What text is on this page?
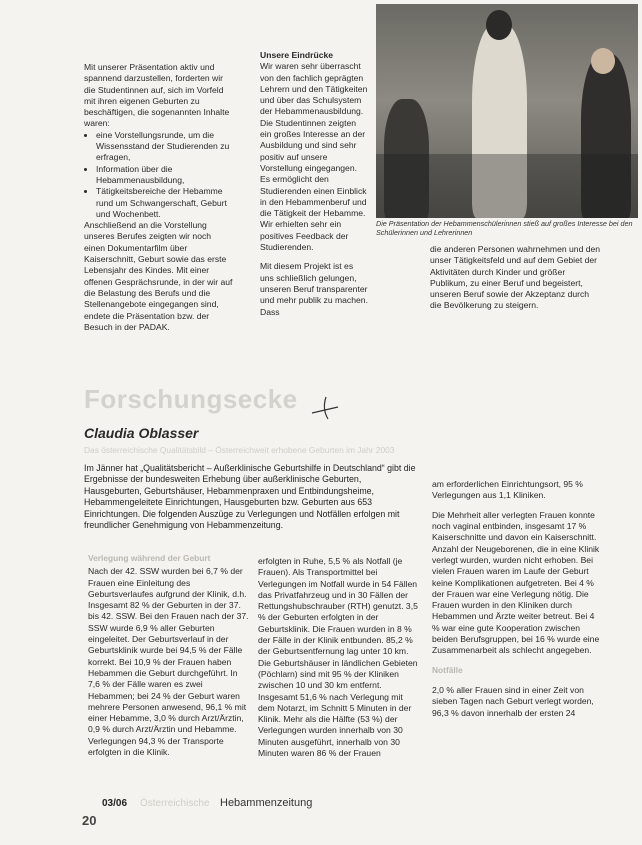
Mit unserer Präsentation aktiv und spannend darzustellen, forderten wir die Studentinnen auf, sich im Vorfeld mit ihren eigenen Geburten zu beschäftigen, die sogenannten Inhalte waren:

• eine Vorstellungsrunde, um die Wissensstand der Studierenden zu erfragen,
• Information über die Hebammenausbildung,
• Tätigkeitsbereiche der Hebamme rund um Schwangerschaft, Geburt und Wochenbett.

Anschließend an die Vorstellung unseres Berufes zeigten wir noch einen Dokumentarfilm über Kaiserschnitt, Geburt sowie das erste Lebensjahr des Kindes. Mit einer offenen Gesprächsrunde, in der wir auf die Belastung des Berufs und die Stellenangebote eingegangen sind, endete die Präsentation bzw. der Besuch in der PADAK.

Unsere Eindrücke

Wir waren sehr überrascht von den fachlich geprägten Lehrern und den Tätigkeiten und über das Schulsystem der Hebammenausbildung. Die Studentinnen zeigten ein großes Interesse an der Ausbildung und sind sehr positiv auf unsere Vorstellung eingegangen. Es ermöglicht den Studierenden einen Einblick in den Hebammenberuf und die Tätigkeit der Hebamme. Wir erhielten sehr ein positives Feedback der Studierenden.

Mit diesem Projekt ist es uns schließlich gelungen, unseren Beruf transparenter und mehr publik zu machen. Dass

Die Präsentation der Hebammenschülerinnen stieß auf großes Interesse bei den Schülerinnen und Lehrerinnen

die anderen Personen wahrnehmen und den unser Tätigkeitsfeld und auf dem Gebiet der Aktivitäten durch Kinder und größer Publikum, zu einer Beruf und begeistert, unseren Beruf sowie der Akzeptanz durch die Bevölkerung zu steigern.

Forschungsecke
Claudia Oblasser
Das österreichische Qualitätsbild – Österreichweit erhobene Geburten im Jahr 2003
Im Jänner hat „Qualitätsbericht – Außerklinische Geburtshilfe in Deutschland“ gibt die Ergebnisse der bundesweiten Erhebung über außerklinische Geburten, Hausgeburten, Geburtshäuser, Hebammenpraxen und Entbindungsheime, Hebammengeleitete Einrichtungen, Hausgeburten bzw. Geburten aus 653 Einrichtungen. Die folgenden Auszüge zu Verlegungen und Notfällen erfolgen mit freundlicher Genehmigung von Hebammenzeitung.

am erforderlichen Einrichtungsort, 95 % Verlegungen aus 1,1 Kliniken.

Die Mehrheit aller verlegten Frauen konnte noch vaginal entbinden, insgesamt 17 % Kaiserschnitte und davon ein Kaiserschnitt. Anzahl der Neugeborenen, die in eine Klinik verlegt wurden, wurden nicht erhoben. Bei vielen Frauen waren im Laufe der Geburt keine Komplikationen aufgetreten. Bei 4 % der Frauen war eine Verlegung nötig. Die Frauen wurden in den Kliniken durch Hebammen und Ärzte weiter betreut. Bei 4 % war eine gute Kooperation zwischen beiden Berufsgruppen, bei 16 % wurde eine Zusammenarbeit als schlecht angegeben.

Notfälle

2,0 % aller Frauen sind in einer Zeit von sieben Tagen nach Geburt verlegt worden, 96,3 % davon innerhalb der ersten 24

Verlegung während der Geburt

Nach der 42. SSW wurden bei 6,7 % der Frauen eine Einleitung des Geburtsverlaufes aufgrund der Klinik, d.h. Insgesamt 82 % der Geburten in der 37. bis 42. SSW. Bei den Frauen nach der 37. SSW wurde 6,9 % aller Geburten eingeleitet. Der Geburtsverlauf in der Geburtsklinik wurde bei 94,5 % der Fälle korrekt. Bei 10,9 % der Frauen haben Hebammen die Geburt durchgeführt. In 7,6 % der Fälle waren es zwei Hebammen; bei 24 % der Geburt waren mehrere Personen anwesend, 96,1 % mit einer Hebamme, 3,0 % durch Arzt/Ärztin, 0,9 % durch Arzt/Ärztin und Hebamme. Verlegungen 94,3 % der Transporte erfolgten in die Klinik.

erfolgten in Ruhe, 5,5 % als Notfall (je Frauen). Als Transportmittel bei Verlegungen im Notfall wurde in 54 Fällen das Privatfahrzeug und in 30 Fällen der Rettungshubschrauber (RTH) genutzt. 3,5 % der Geburten erfolgten in der Geburtsklinik. Die Frauen wurden in 8 % der Fälle in der Klinik entbunden. 85,2 % der Geburtsentfernung lag unter 10 km. Die Geburtshäuser in ländlichen Gebieten (Pöchlarn) sind mit 95 % der Kliniken zwischen 10 und 30 km entfernt. Insgesamt 51,6 % nach Verlegung mit dem Notarzt, im Schnitt 5 Minuten in der Klinik. Mehr als die Hälfte (53 %) der Verlegungen wurden innerhalb von 30 Minuten ausgeführt, innerhalb von 30 Minuten waren 86 % der Frauen

03/06 Österreichische Hebammenzeitung
20
